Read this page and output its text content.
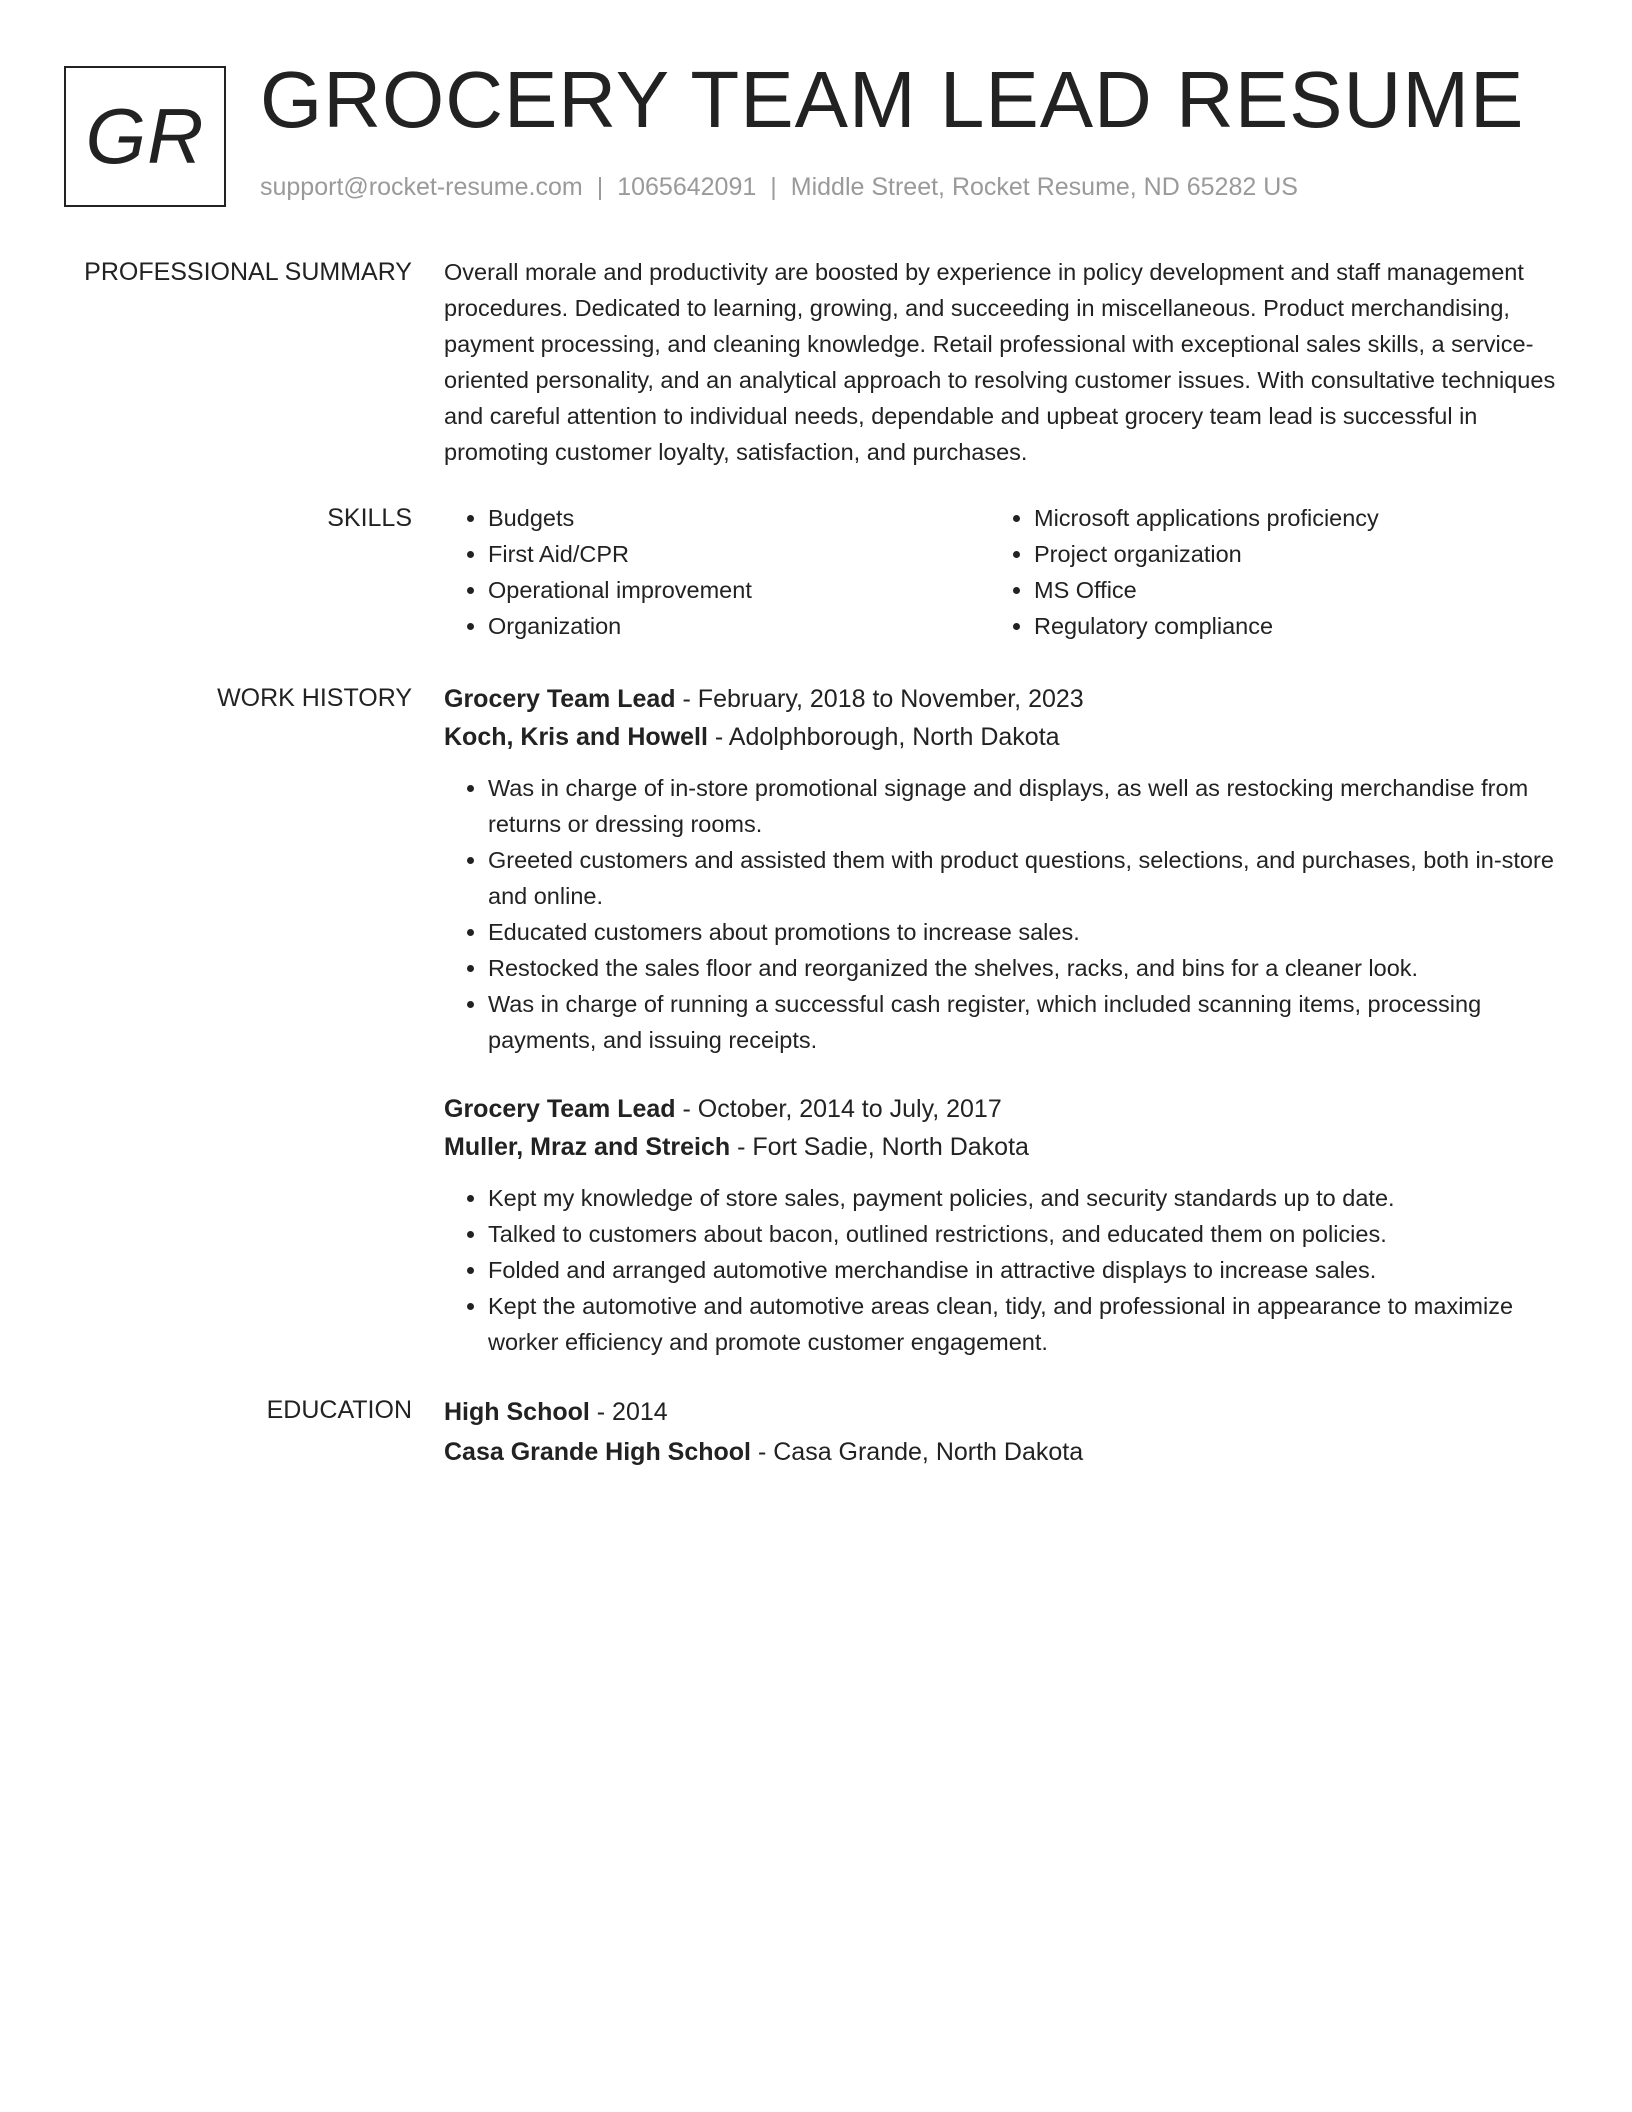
GR GROCERY TEAM LEAD RESUME
support@rocket-resume.com | 1065642091 | Middle Street, Rocket Resume, ND 65282 US
PROFESSIONAL SUMMARY Overall morale and productivity are boosted by experience in policy development and staff management procedures. Dedicated to learning, growing, and succeeding in miscellaneous. Product merchandising, payment processing, and cleaning knowledge. Retail professional with exceptional sales skills, a service-oriented personality, and an analytical approach to resolving customer issues. With consultative techniques and careful attention to individual needs, dependable and upbeat grocery team lead is successful in promoting customer loyalty, satisfaction, and purchases.

SKILLS
•	Budgets
• First Aid/CPR
• Operational improvement
• Organization
• Microsoft applications proficiency
• Project organization
• MS Office
• Regulatory compliance
WORK HISTORY Grocery Team Lead - February, 2018 to November, 2023
Koch, Kris and Howell - Adolphborough, North Dakota
• Was in charge of in-store promotional signage and displays, as well as restocking merchandise from returns or dressing rooms.
• Greeted customers and assisted them with product questions, selections, and purchases, both in-store and online.
• Educated customers about promotions to increase sales.
• Restocked the sales floor and reorganized the shelves, racks, and bins for a cleaner look.
• Was in charge of running a successful cash register, which included scanning items, processing payments, and issuing receipts.
Grocery Team Lead - October, 2014 to July, 2017
Muller, Mraz and Streich - Fort Sadie, North Dakota
• Kept my knowledge of store sales, payment policies, and security standards up to date.
• Talked to customers about bacon, outlined restrictions, and educated them on policies.
• Folded and arranged automotive merchandise in attractive displays to increase sales.
• Kept the automotive and automotive areas clean, tidy, and professional in appearance to maximize worker efficiency and promote customer engagement.
EDUCATION High School - 2014
Casa Grande High School - Casa Grande, North Dakota
